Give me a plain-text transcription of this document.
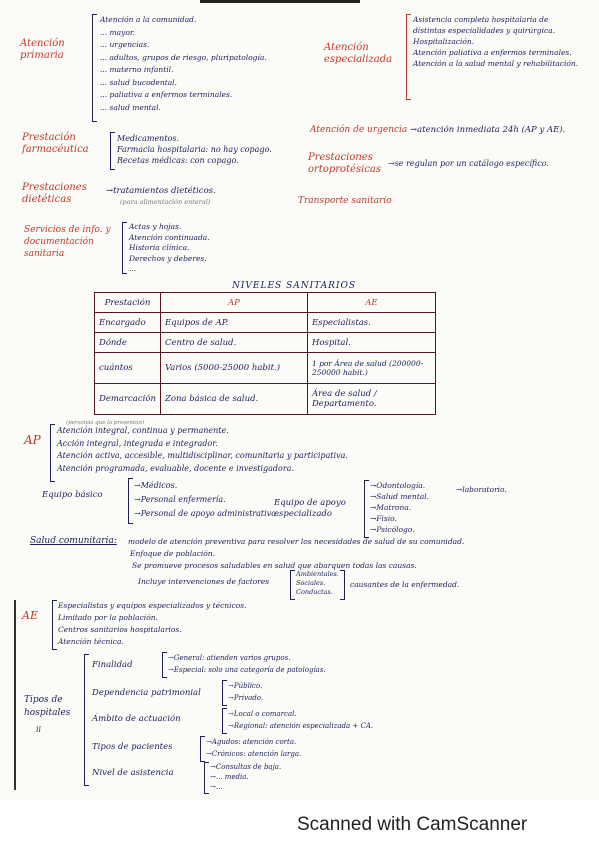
Atención primaria
Atención a la comunidad.
... mayor.
... urgencias.
... adultos, grupos de riesgo, pluripatología.
... materno infantil.
... salud bucodental.
... paliativa a enfermos terminales.
... salud mental.
Atención especializada
Asistencia completa hospitalaria de distintas especialidades y quirúrgica.
Hospitalización.
Atención paliativa a enfermos terminales.
Atención a la salud mental y rehabilitación.
Atención de urgencia → atención inmediata 24h (AP y AE).
Prestación farmacéutica
Medicamentos.
Farmacia hospitalaria: no hay copago.
Recetas médicas: con copago.	Prestaciones ortoprotésicas
→ se regulan por un catálogo específico.
Prestaciones dietéticas
→ tratamientos dietéticos.
(para alimentación enteral)	Transporte sanitario
Servicios de info. y documentación sanitaria
Actas y hojas.
Atención continuada.
Historia clínica.
Derechos y deberes.
...
NIVELES SANITARIOS
Prestación	AP	AE
Encargado	Equipos de AP.	Especialistas.
Dónde	Centro de salud.	Hospital.
cuántos	Varios (5000-25000 habit.)	1 por Área de salud (200000-250000 habit.)
Demarcación	Zona básica de salud.	Área de salud / Departamento.
AP
(personas que la presentan)
Atención integral, continua y permanente.
Acción integral, integrada e integrador.
Atención activa, accesible, multidisciplinar, comunitaria y participativa.
Atención programada, evaluable, docente e investigadora.
Equipo básico
→ Médicos.
→ Personal enfermería.
→ Personal de apoyo administrativo.
Equipo de apoyo especializado
→ Odontología.
→ Salud mental.
→ Matrona.
→ Fisio.
→ Psicólogo.
→ laboratorio.
Salud comunitaria: modelo de atención preventiva para resolver los necesidades de salud de su comunidad.
Enfoque de población.
Se promueve procesos saludables en salud que abarquen todas las causas.
Incluye intervenciones de factores
Ambientales.
Sociales.
Conductas.
causantes de la enfermedad.
AE
Especialistas y equipos especializados y técnicos.
Limitado por la población.
Centros sanitarios hospitalarios.
Atención técnica.
Tipos de hospitales
ii
Finalidad
→ General: atienden varios grupos.
→ Especial: solo una categoría de patologías.
Dependencia patrimonial
→ Público.
→ Privado.
Ámbito de actuación	→ Local o comarcal.
→ Regional: atención especializada + CA.
Tipos de pacientes	→ Agudos: atención corta.
→ Crónicos: atención larga.
Nivel de asistencia
→ Consultas de baja.
→ ... media.
→ ...
Scanned with CamScanner
